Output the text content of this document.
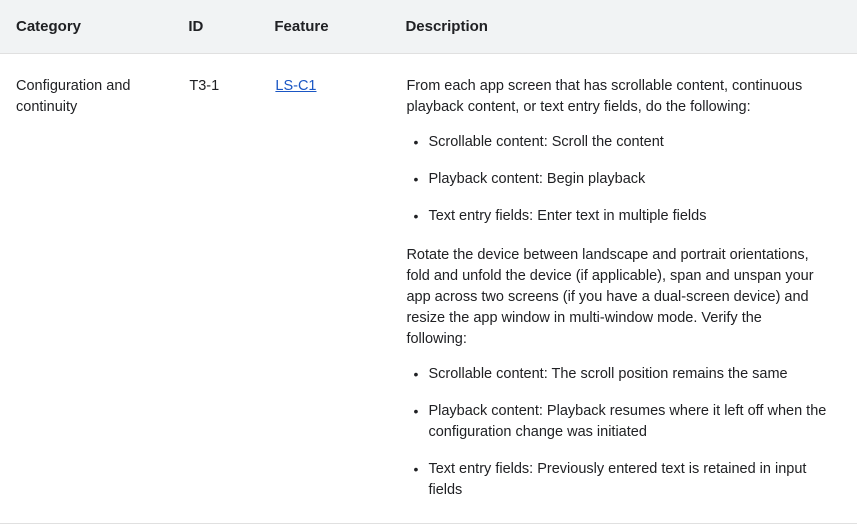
Category	ID	Feature	Description
Configuration and continuity	T3-1	LS-C1	From each app screen that has scrollable content, continuous playback content, or text entry fields, do the following:

• Scrollable content: Scroll the content
• Playback content: Begin playback
• Text entry fields: Enter text in multiple fields

Rotate the device between landscape and portrait orientations, fold and unfold the device (if applicable), span and unspan your app across two screens (if you have a dual-screen device) and resize the app window in multi-window mode. Verify the following:

• Scrollable content: The scroll position remains the same
• Playback content: Playback resumes where it left off when the configuration change was initiated
• Text entry fields: Previously entered text is retained in input fields
